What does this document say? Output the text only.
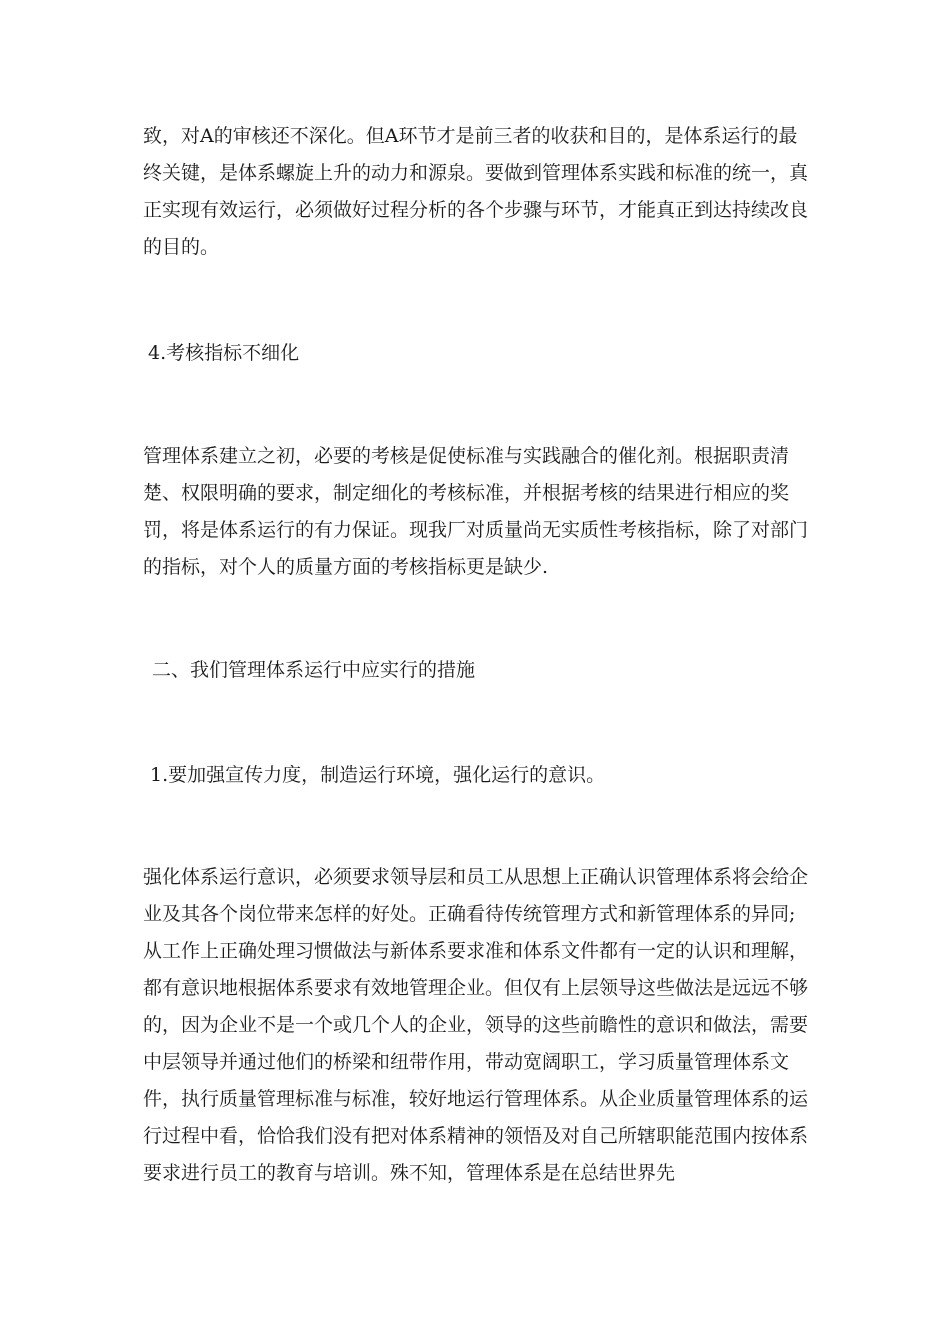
致，对A的审核还不深化。但A环节才是前三者的收获和目的，是体系运行的最终关键，是体系螺旋上升的动力和源泉。要做到管理体系实践和标准的统一，真正实现有效运行，必须做好过程分析的各个步骤与环节，才能真正到达持续改良的目的。

4.考核指标不细化

管理体系建立之初，必要的考核是促使标准与实践融合的催化剂。根据职责清楚、权限明确的要求，制定细化的考核标准，并根据考核的结果进行相应的奖罚，将是体系运行的有力保证。现我厂对质量尚无实质性考核指标，除了对部门的指标，对个人的质量方面的考核指标更是缺少.

二、我们管理体系运行中应实行的措施

1.要加强宣传力度，制造运行环境，强化运行的意识。

强化体系运行意识，必须要求领导层和员工从思想上正确认识管理体系将会给企业及其各个岗位带来怎样的好处。正确看待传统管理方式和新管理体系的异同;从工作上正确处理习惯做法与新体系要求准和体系文件都有一定的认识和理解，都有意识地根据体系要求有效地管理企业。但仅有上层领导这些做法是远远不够的，因为企业不是一个或几个人的企业，领导的这些前瞻性的意识和做法，需要中层领导并通过他们的桥梁和纽带作用，带动宽阔职工，学习质量管理体系文件，执行质量管理标准与标准，较好地运行管理体系。从企业质量管理体系的运行过程中看，恰恰我们没有把对体系精神的领悟及对自己所辖职能范围内按体系要求进行员工的教育与培训。殊不知，管理体系是在总结世界先
